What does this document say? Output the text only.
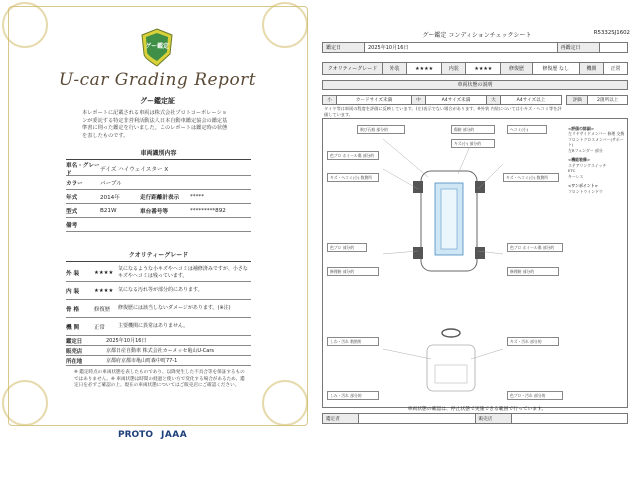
グー鑑定
U-car Grading Report
グー鑑定証
本レポートに記載される車両は株式会社プロトコーポレーションが委託する特定非営利活動法人日本自動車鑑定協会の鑑定基準書に則った鑑定を行いました。このレポートは鑑定時の状態を表したものです。
車両識別内容
車名・グレード
デイズ ハイウェイスター X
カラー	パープル
年式	2014年	走行距離計表示	*****
型式	B21W	車台番号等	*********892
備考
クオリティーグレード
外 装	★★★★
気になるような小キズやヘコミは補修済みですが、小さなキズやヘコミは残っています。
内 装	★★★★ 気になる汚れ等が部分的にあります。
骨 格	修復歴	修復歴には該当しないダメージがあります。(※注)
機 関	正常	主要機関に異常はありません。
鑑定日	2025年10月16日
販売店	京都日産自動車 株式会社カーメッセ亀山U-Cars
所在地	京都府京都市亀山町森中町77-1
※ 鑑定時点の車両状態を表したものであり、以降発生した不具合等を保証するものではありません。※ 車両状態は時間の経過と使い方で変化する場合があるため、鑑定日を必ずご確認の上、現在の車両状態についてはご販売店にご確認ください。
PROTO JAAA
グー鑑定 コンディションチェックシート	R5332SJ1602
鑑定日	2025年10月16日	再鑑定日	
クオリティーグレード	外装	★★★★	内装	★★★★	修復歴	修復歴 なし	機関	正常
車両状態の説明
小	カードサイズ未満	中	A4サイズ未満	大	A4サイズ以上	評価	2箇所以上
タイヤ等は車両の程度を評価に反映しています。(左)表示でない場合があります。※外装 内装については小キズ・ヘコミ等を評価しています。
飛び石痕 部分的	傷跡 部分的
キズ(小) 部分的
ヘコミ(小)
色ブロ ホイール傷 部分的
キズ・ヘコミ(小) 数箇所	キズ・ヘコミ(小) 数箇所
色ブロ 部分的
修理跡 部分的
色ブロ ホイール傷 部分的
修理跡 部分的
しわ・汚れ 数箇所	キズ・汚れ 部分的
しみ・汚れ 部分的	色ブロ・汚れ 部分的
<評価の詳細>
左リヤサイドメンバー 修理 交換
フロントクロスメンバー(サポート)
左Rフェンダー 部分
<機能装備>
ステアリングスイッチ
ETC
キーレス
<ワンポイント>
フロントウインドウ
車両状態の確認は、停止状態で実施できる範囲で行っています。
鑑定者		販売店	
